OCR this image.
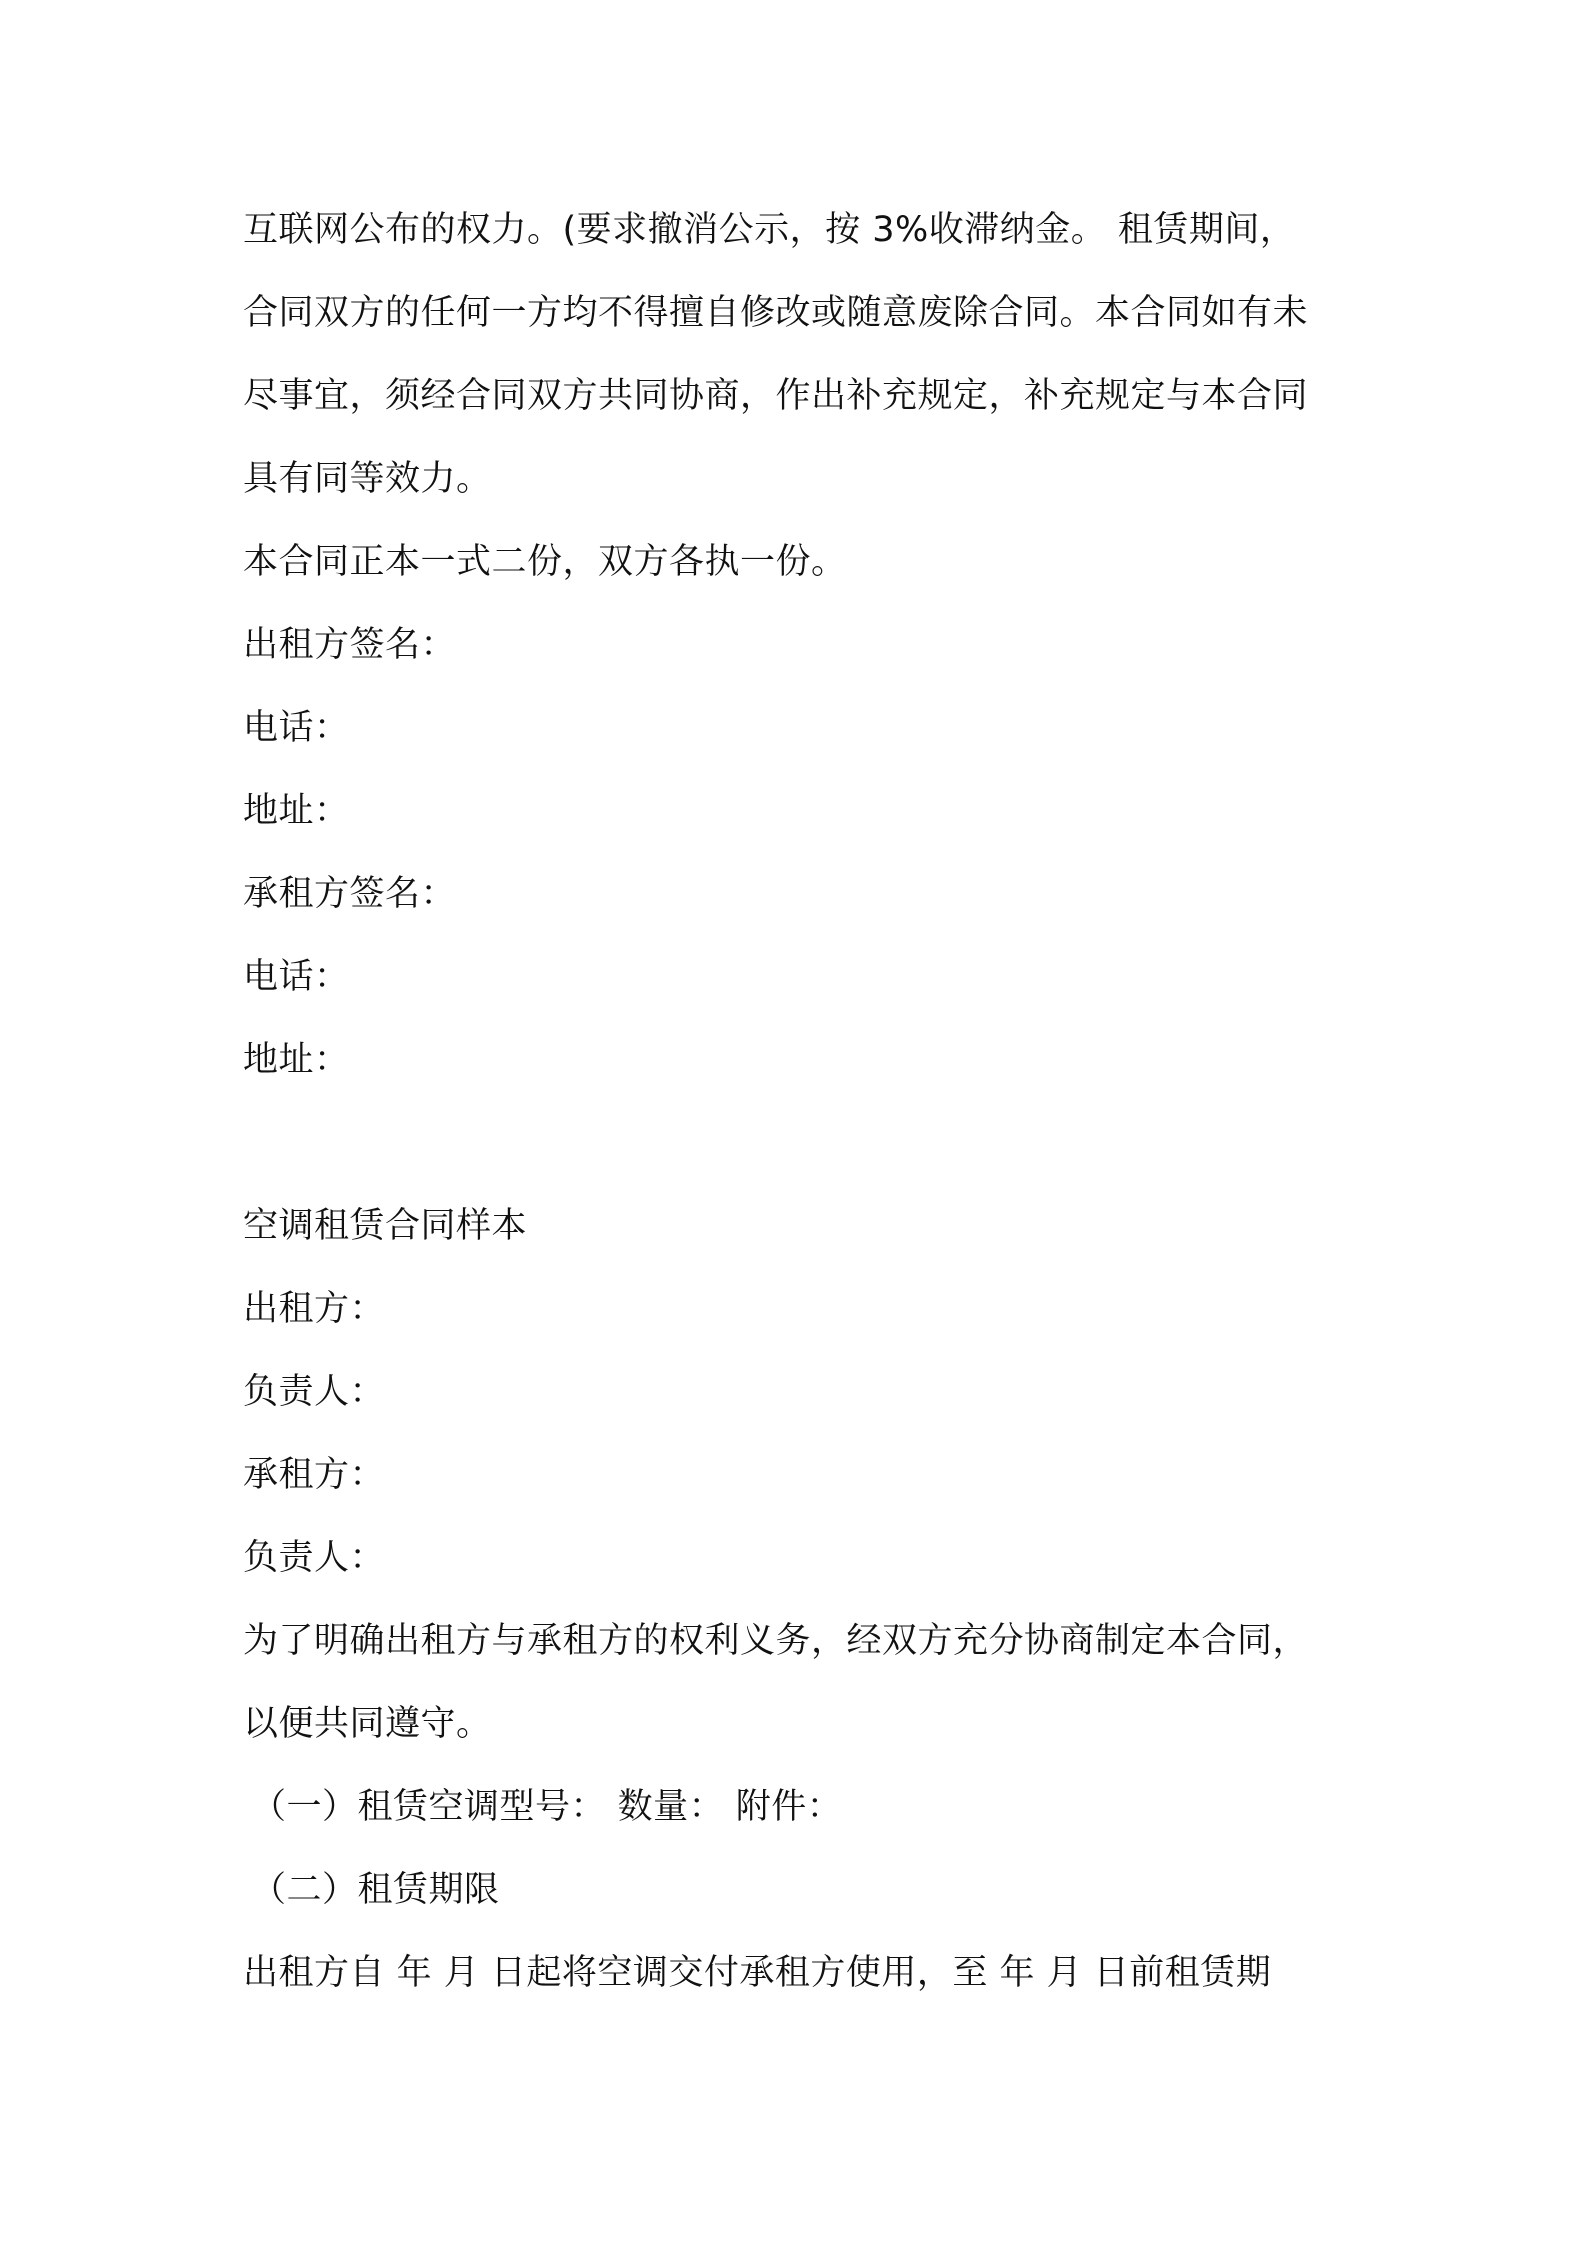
互联网公布的权力。(要求撤消公示，按 3%收滞纳金。 租赁期间，
合同双方的任何一方均不得擅自修改或随意废除合同。本合同如有未
尽事宜，须经合同双方共同协商，作出补充规定，补充规定与本合同
具有同等效力。
本合同正本一式二份，双方各执一份。
出租方签名：
电话：
地址：
承租方签名：
电话：
地址：
空调租赁合同样本
出租方：
负责人：
承租方：
负责人：
为了明确出租方与承租方的权利义务，经双方充分协商制定本合同，
以便共同遵守。
（一）租赁空调型号： 数量： 附件：
（二）租赁期限
出租方自 年 月 日起将空调交付承租方使用，至 年 月 日前租赁期
